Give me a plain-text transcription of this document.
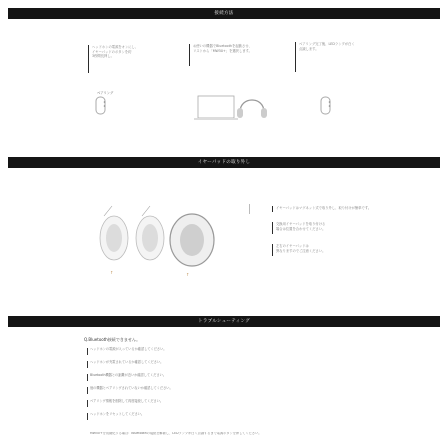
接続方法
ヘッドホンの電源をオンにし、
イヤーパッドのボタンを約
3秒間長押し。
お使いの機器でBluetoothを起動させ、
リストから「MW50+」を選択します。
ペアリング完了後、LEDランプが白く
点滅します。
ペアリング
イヤーパッドの取り外し
↑	↑
イヤーパッドはマグネット式で取り外し、取り付けが簡単です。
交換用イヤーパッドを取り付ける
場合は位置を合わせてください。
左右のイヤーパッドは
異なりますのでご注意ください。
トラブルシューティング
Q.Bluetooth接続できません。
ヘッドホンの電源が入っているか確認してください。
ヘッドホンが充電されているか確認してください。
Bluetooth機器との距離が近いか確認してください。
他の機器とペアリングされていないか確認してください。
ペアリング情報を削除して再度接続してください。
ヘッドホンをリセットしてください。
MW50+を初期化する場合：Bluetoothの接続を解除し、LEDランプが白く点滅するまで電源ボタンを押してください。
